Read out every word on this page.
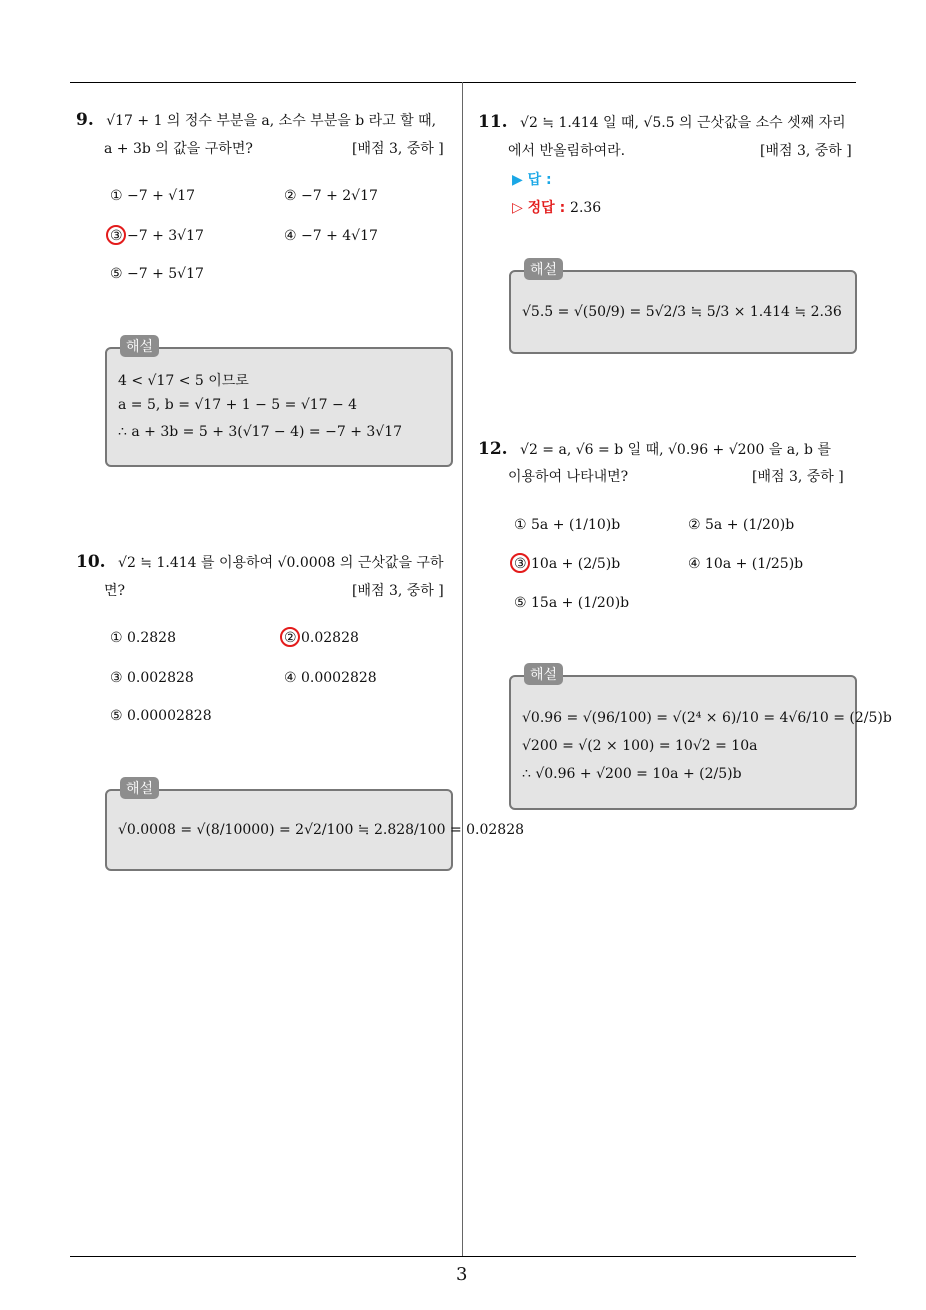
3
9. √17 + 1 의 정수 부분을 a, 소수 부분을 b 라고 할 때,
a + 3b 의 값을 구하면?	[배점 3, 중하 ]
① −7 + √17	② −7 + 2√17
③ −7 + 3√17	④ −7 + 4√17
⑤ −7 + 5√17
해설
4 < √17 < 5 이므로
a = 5, b = √17 + 1 − 5 = √17 − 4
∴ a + 3b = 5 + 3(√17 − 4) = −7 + 3√17
10. √2 ≒ 1.414 를 이용하여 √0.0008 의 근삿값을 구하
면?	[배점 3, 중하 ]
① 0.2828	② 0.02828
③ 0.002828	④ 0.0002828
⑤ 0.00002828
해설
√0.0008 = √(8/10000) = 2√2/100 ≒ 2.828/100 = 0.02828
11. √2 ≒ 1.414 일 때, √5.5̇ 의 근삿값을 소수 셋째 자리
에서 반올림하여라.	[배점 3, 중하 ]
▶ 답 :
▷ 정답 : 2.36
해설
√5.5̇ = √(50/9) = 5√2/3 ≒ 5/3 × 1.414 ≒ 2.36
12. √2 = a, √6 = b 일 때, √0.96 + √200 을 a, b 를
이용하여 나타내면?	[배점 3, 중하 ]
① 5a + (1/10)b	② 5a + (1/20)b
③ 10a + (2/5)b	④ 10a + (1/25)b
⑤ 15a + (1/20)b
해설
√0.96 = √(96/100) = √(2⁴ × 6)/10 = 4√6/10 = (2/5)b
√200 = √(2 × 100) = 10√2 = 10a
∴ √0.96 + √200 = 10a + (2/5)b
